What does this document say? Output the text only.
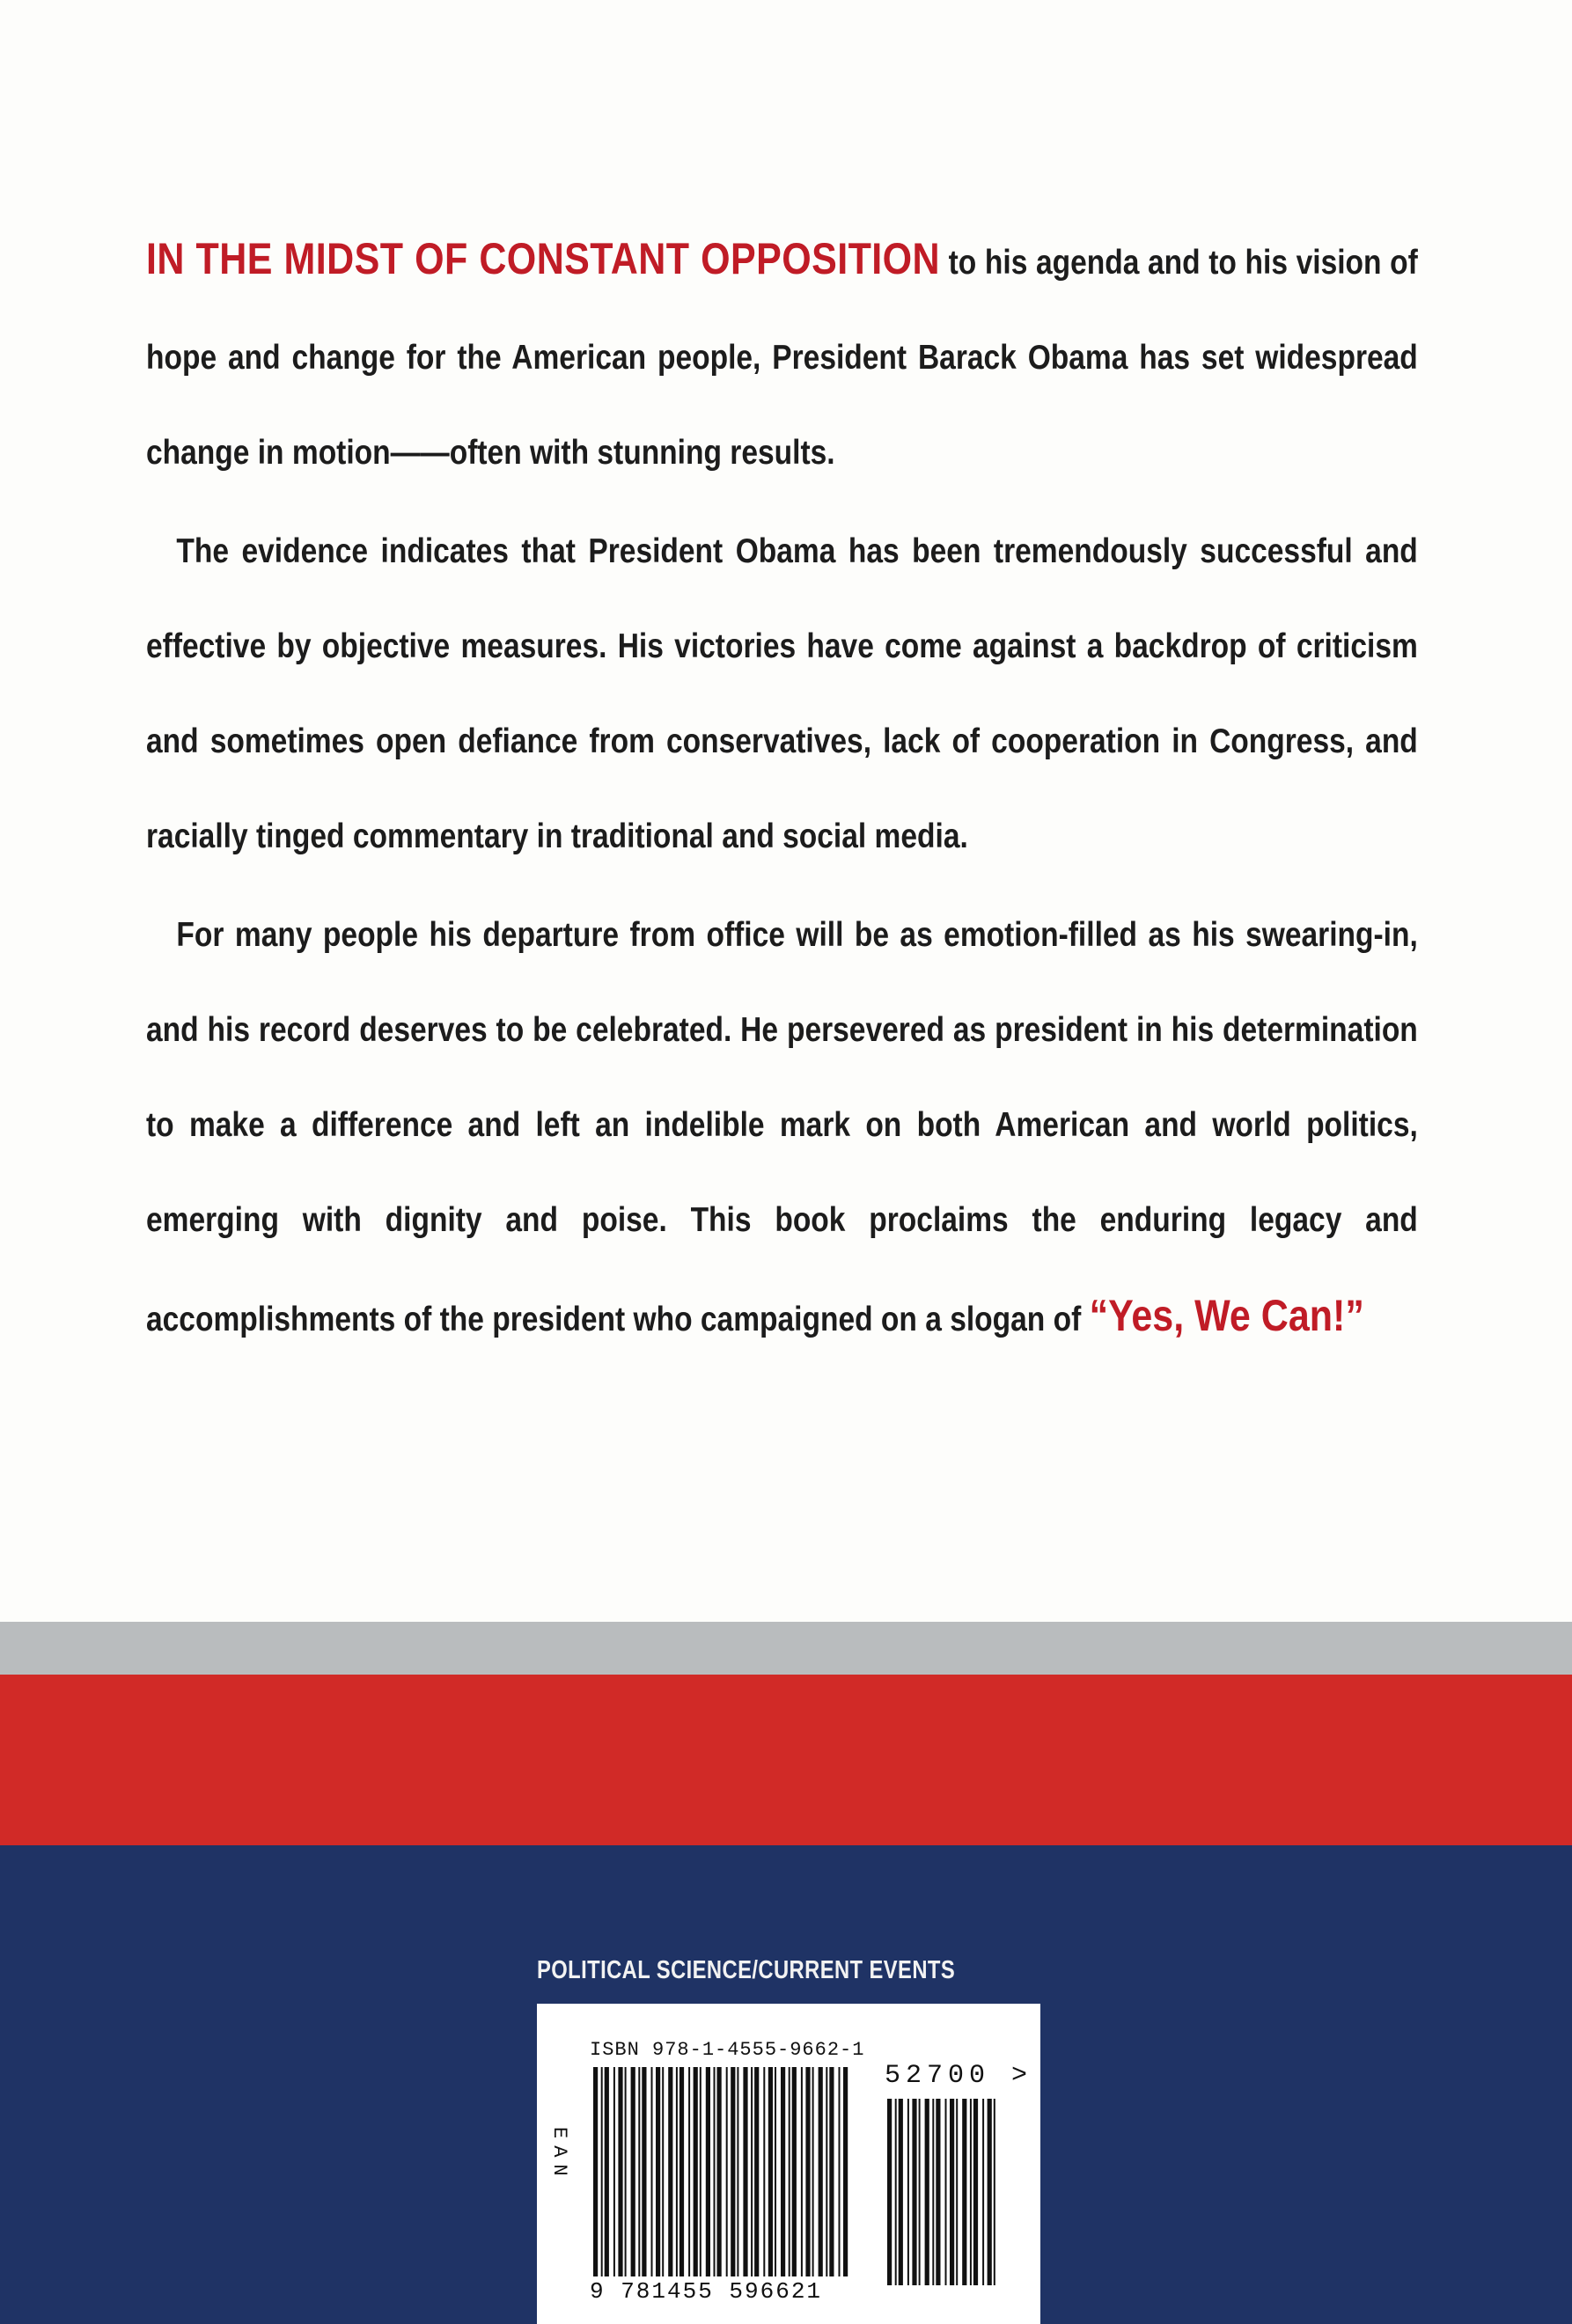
IN THE MIDST OF CONSTANT OPPOSITION to his agenda and to his vision of hope and change for the American people, President Barack Obama has set widespread change in motion——often with stunning results.

The evidence indicates that President Obama has been tremendously successful and effective by objective measures. His victories have come against a backdrop of criticism and sometimes open defiance from conservatives, lack of cooperation in Congress, and racially tinged commentary in traditional and social media.

For many people his departure from office will be as emotion-filled as his swearing-in, and his record deserves to be celebrated. He persevered as president in his determination to make a difference and left an indelible mark on both American and world politics, emerging with dignity and poise. This book proclaims the enduring legacy and accomplishments of the president who campaigned on a slogan of “Yes, We Can!”

POLITICAL SCIENCE/CURRENT EVENTS
ISBN 978-1-4555-9662-1
52700 >
EAN
9 781455 596621
